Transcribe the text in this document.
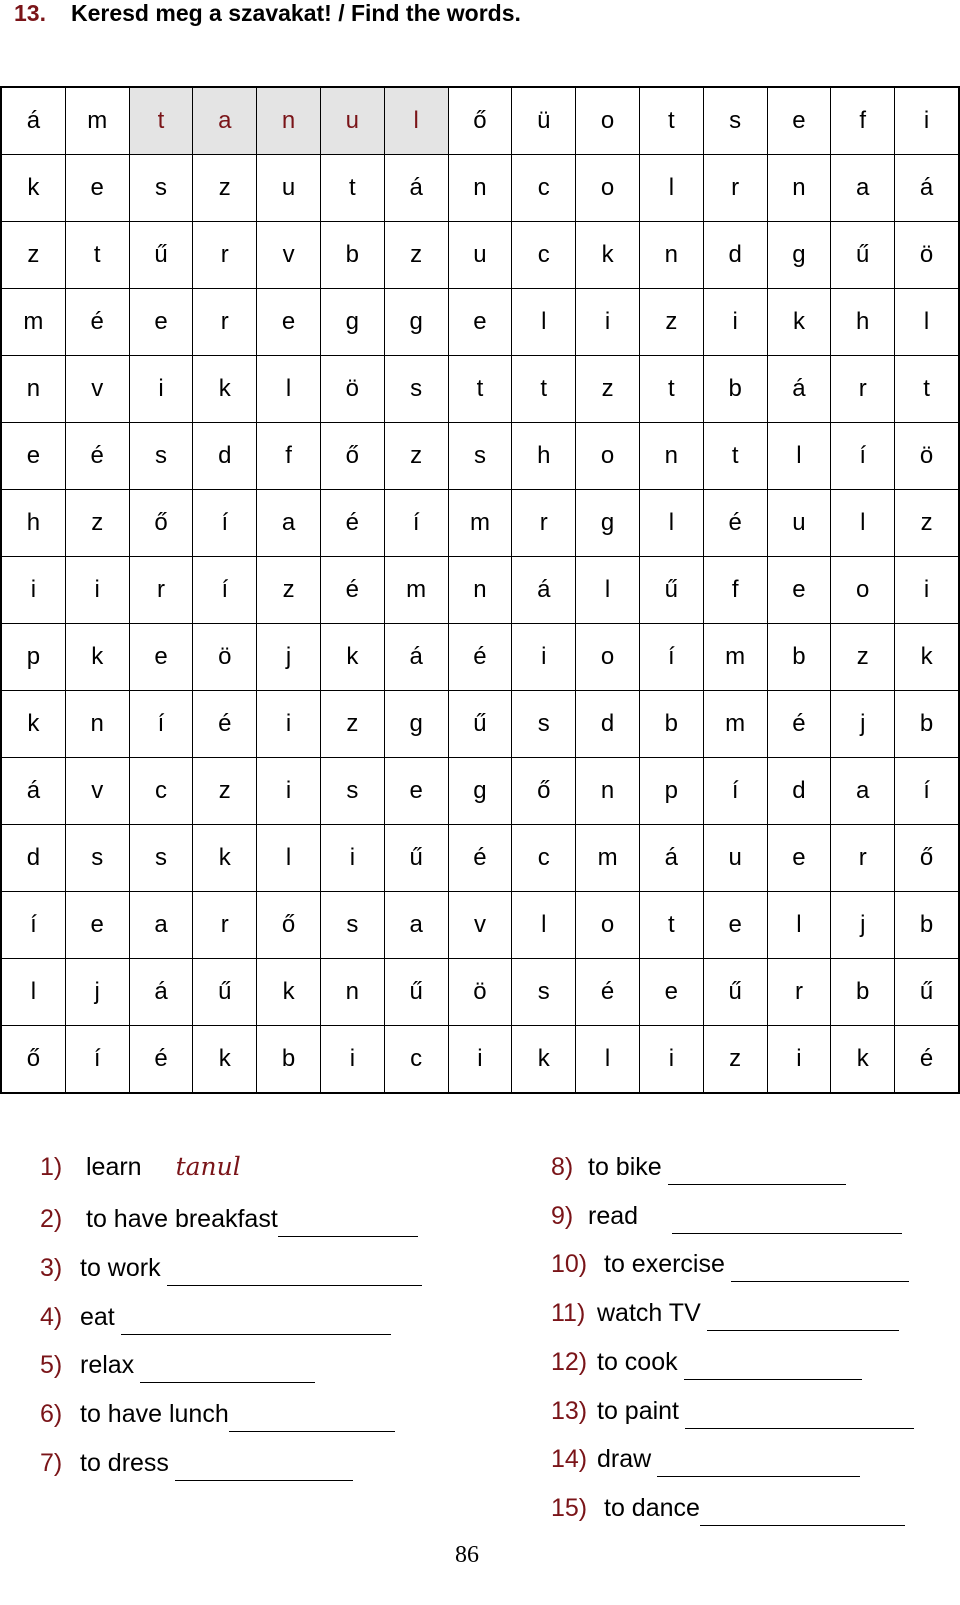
13. Keresd meg a szavakat! / Find the words.
á	m	t	a	n	u	l	ő	ü	o	t	s	e	f	i
k	e	s	z	u	t	á	n	c	o	l	r	n	a	á
z	t	ű	r	v	b	z	u	c	k	n	d	g	ű	ö
m	é	e	r	e	g	g	e	l	i	z	i	k	h	l
n	v	i	k	l	ö	s	t	t	z	t	b	á	r	t
e	é	s	d	f	ő	z	s	h	o	n	t	l	í	ö
h	z	ő	í	a	é	í	m	r	g	l	é	u	l	z
i	i	r	í	z	é	m	n	á	l	ű	f	e	o	i
p	k	e	ö	j	k	á	é	i	o	í	m	b	z	k
k	n	í	é	i	z	g	ű	s	d	b	m	é	j	b
á	v	c	z	i	s	e	g	ő	n	p	í	d	a	í
d	s	s	k	l	i	ű	é	c	m	á	u	e	r	ő
í	e	a	r	ő	s	a	v	l	o	t	e	l	j	b
l	j	á	ű	k	n	ű	ö	s	é	e	ű	r	b	ű
ő	í	é	k	b	i	c	i	k	l	i	z	i	k	é
1) learn tanul
2) to have breakfast
3) to work
4) eat
5) relax
6) to have lunch
7) to dress
8) to bike
9) read
10) to exercise
11) watch TV
12) to cook
13) to paint
14) draw
15) to dance
86
